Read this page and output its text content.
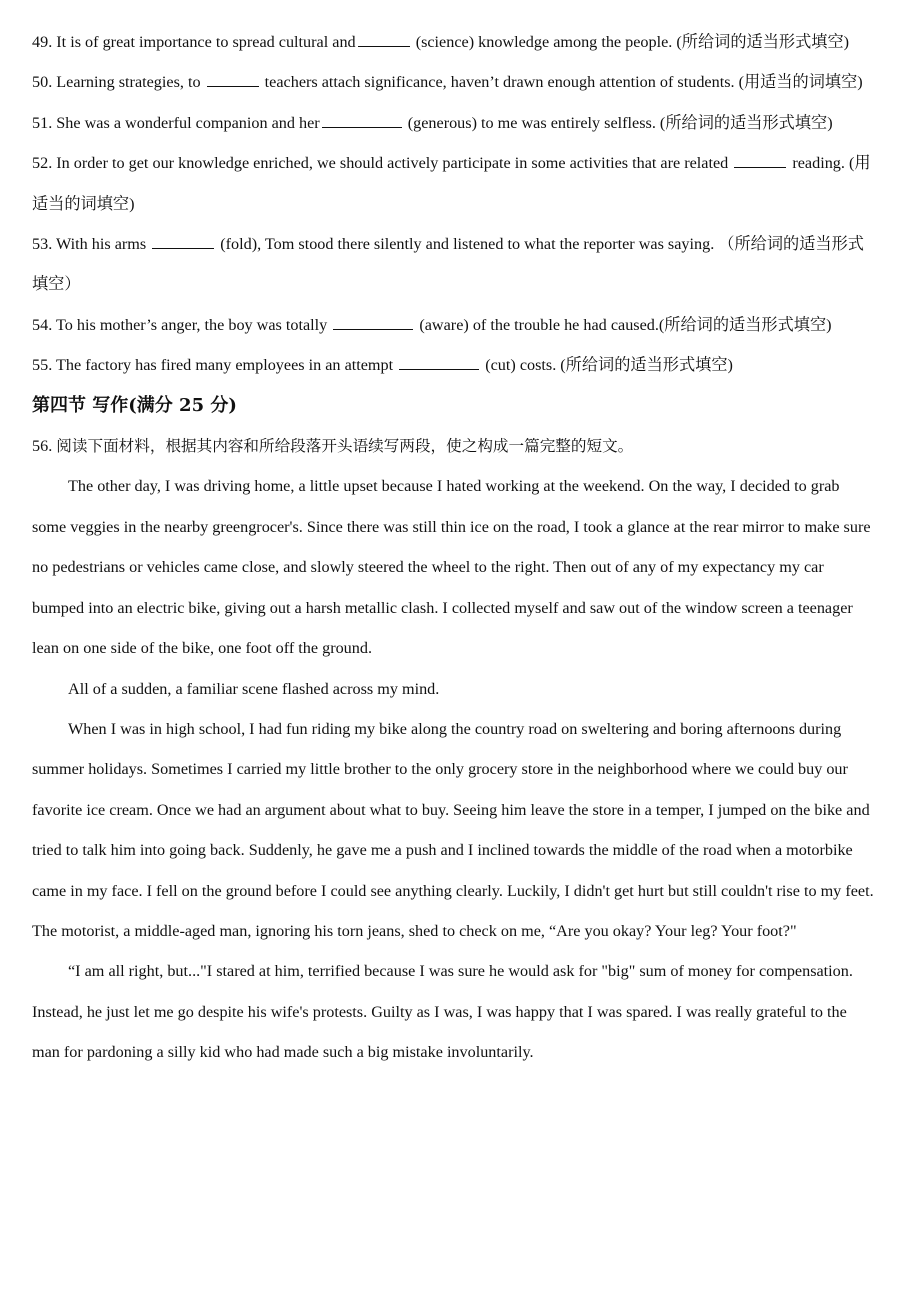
49. It is of great importance to spread cultural and	(science) knowledge among the people. (所给词的适当形式填空)

50. Learning strategies, to	teachers attach significance, haven’t drawn enough attention of students. (用适当的词填空)

51. She was a wonderful companion and her	(generous) to me was entirely selfless. (所给词的适当形式填空)

52. In order to get our knowledge enriched, we should actively participate in some activities that are related	reading. (用适当的词填空)

53. With his arms	(fold), Tom stood there silently and listened to what the reporter was saying. （所给词的适当形式填空）

54. To his mother’s anger, the boy was totally	(aware) of the trouble he had caused.(所给词的适当形式填空)

55. The factory has fired many employees in an attempt	(cut) costs. (所给词的适当形式填空)

第四节 写作(满分 25 分)

56. 阅读下面材料，根据其内容和所给段落开头语续写两段，使之构成一篇完整的短文。

The other day, I was driving home, a little upset because I hated working at the weekend. On the way, I decided to grab some veggies in the nearby greengrocer's. Since there was still thin ice on the road, I took a glance at the rear mirror to make sure no pedestrians or vehicles came close, and slowly steered the wheel to the right. Then out of any of my expectancy my car bumped into an electric bike, giving out a harsh metallic clash. I collected myself and saw out of the window screen a teenager lean on one side of the bike, one foot off the ground.

All of a sudden, a familiar scene flashed across my mind.

When I was in high school, I had fun riding my bike along the country road on sweltering and boring afternoons during summer holidays. Sometimes I carried my little brother to the only grocery store in the neighborhood where we could buy our favorite ice cream. Once we had an argument about what to buy. Seeing him leave the store in a temper, I jumped on the bike and tried to talk him into going back. Suddenly, he gave me a push and I inclined towards the middle of the road when a motorbike came in my face. I fell on the ground before I could see anything clearly. Luckily, I didn't get hurt but still couldn't rise to my feet. The motorist, a middle-aged man, ignoring his torn jeans, shed to check on me, “Are you okay? Your leg? Your foot?"

“I am all right, but..."I stared at him, terrified because I was sure he would ask for "big" sum of money for compensation. Instead, he just let me go despite his wife's protests. Guilty as I was, I was happy that I was spared. I was really grateful to the man for pardoning a silly kid who had made such a big mistake involuntarily.
